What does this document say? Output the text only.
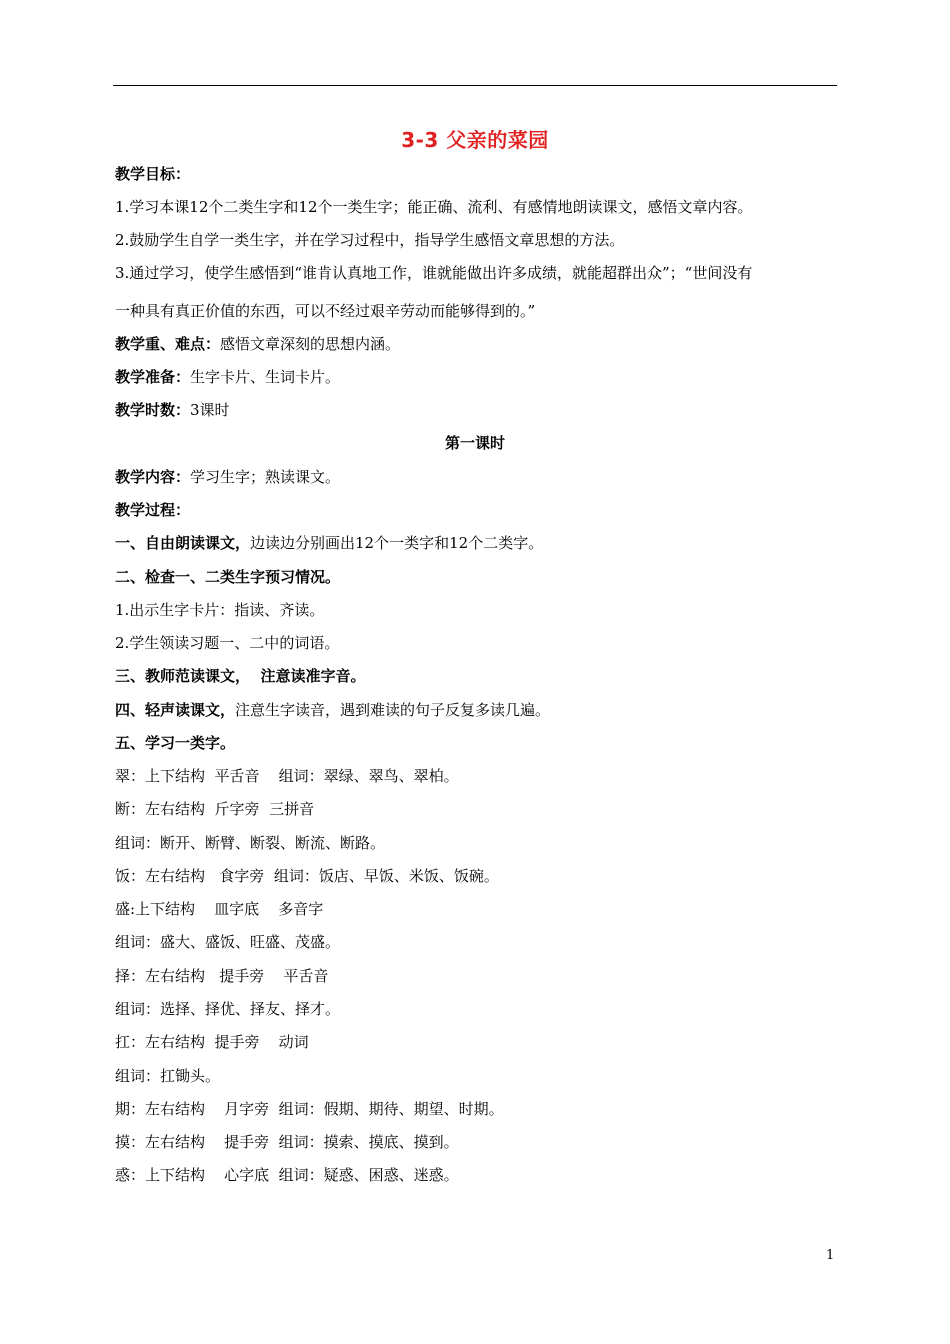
3-3 父亲的菜园
教学目标：
1.学习本课12个二类生字和12个一类生字；能正确、流利、有感情地朗读课文，感悟文章内容。
2.鼓励学生自学一类生字，并在学习过程中，指导学生感悟文章思想的方法。
3.通过学习，使学生感悟到“谁肯认真地工作，谁就能做出许多成绩，就能超群出众”；“世间没有
一种具有真正价值的东西，可以不经过艰辛劳动而能够得到的。”
教学重、难点：感悟文章深刻的思想内涵。
教学准备：生字卡片、生词卡片。
教学时数：3课时
第一课时
教学内容：学习生字；熟读课文。
教学过程：
一、自由朗读课文，边读边分别画出12个一类字和12个二类字。
二、检查一、二类生字预习情况。
1.出示生字卡片：指读、齐读。
2.学生领读习题一、二中的词语。
三、教师范读课文，  注意读准字音。
四、轻声读课文，注意生字读音，遇到难读的句子反复多读几遍。
五、学习一类字。
翠：上下结构  平舌音    组词：翠绿、翠鸟、翠柏。
断：左右结构  斤字旁  三拼音
组词：断开、断臂、断裂、断流、断路。
饭：左右结构   食字旁  组词：饭店、早饭、米饭、饭碗。
盛:上下结构    皿字底    多音字
组词：盛大、盛饭、旺盛、茂盛。
择：左右结构   提手旁    平舌音
组词：选择、择优、择友、择才。
扛：左右结构  提手旁    动词
组词：扛锄头。
期：左右结构    月字旁  组词：假期、期待、期望、时期。
摸：左右结构    提手旁  组词：摸索、摸底、摸到。
惑：上下结构    心字底  组词：疑惑、困惑、迷惑。
1
